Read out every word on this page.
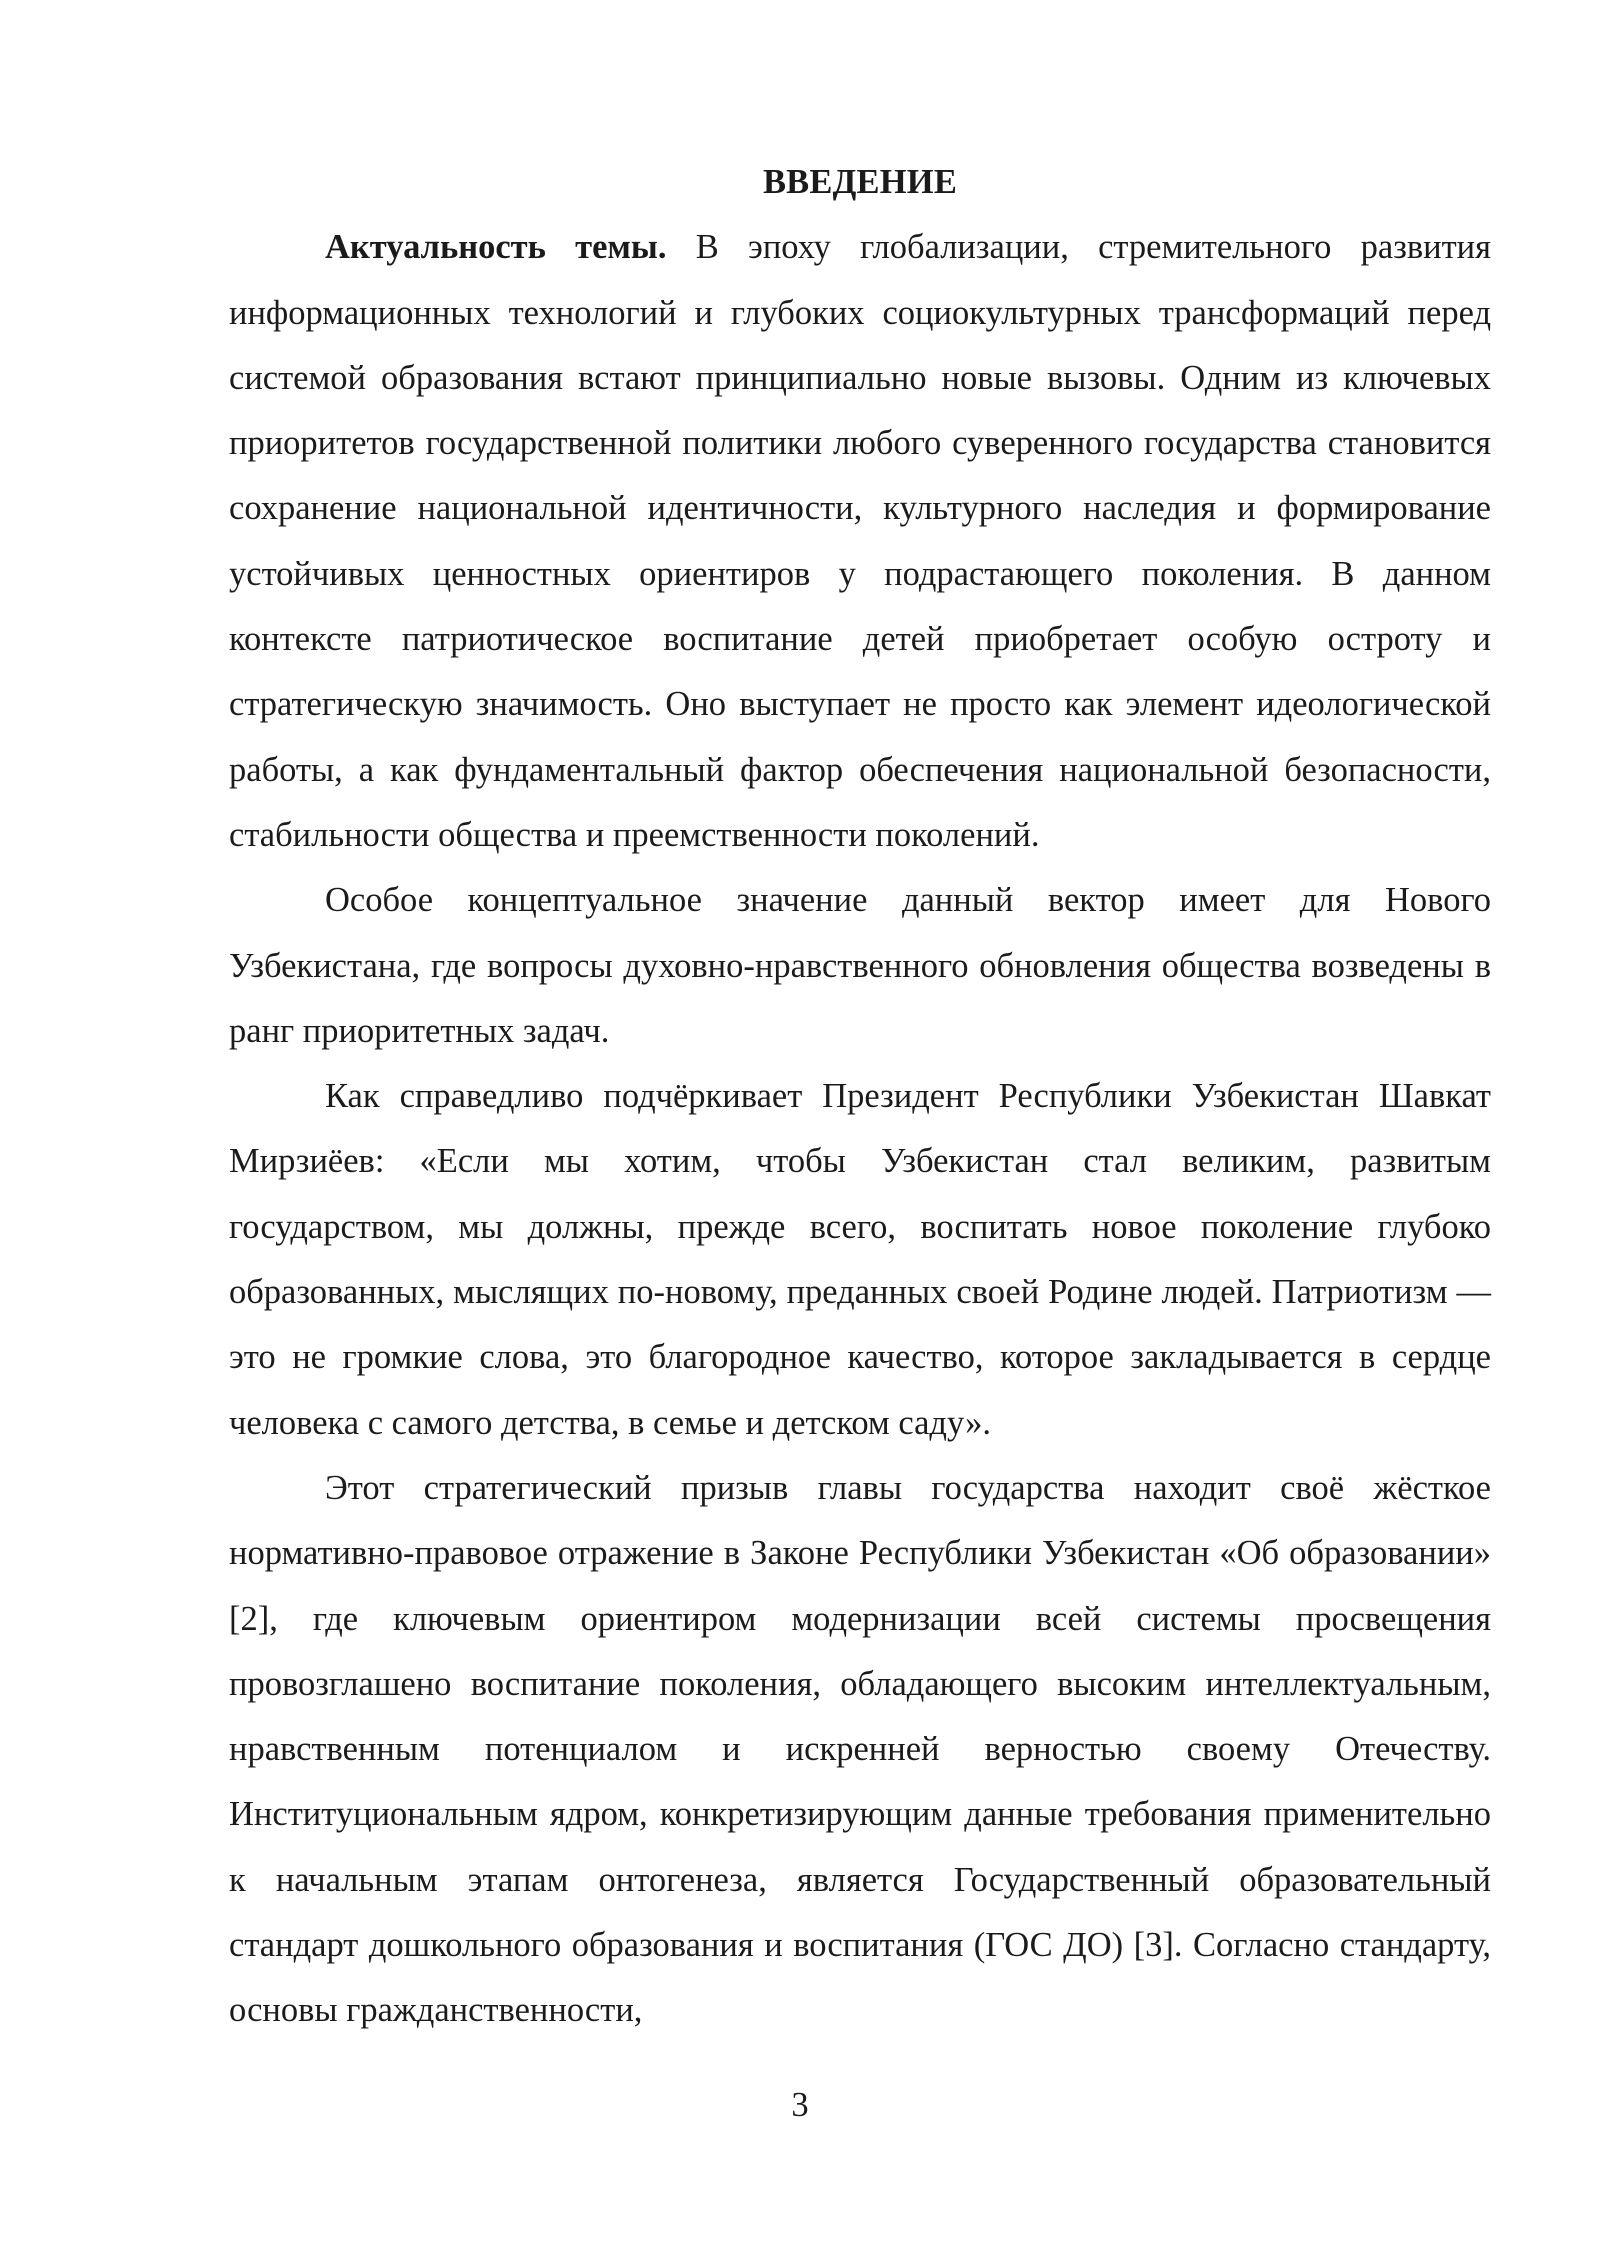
ВВЕДЕНИЕ

Актуальность темы. В эпоху глобализации, стремительного развития информационных технологий и глубоких социокультурных трансформаций перед системой образования встают принципиально новые вызовы. Одним из ключевых приоритетов государственной политики любого суверенного государства становится сохранение национальной идентичности, культурного наследия и формирование устойчивых ценностных ориентиров у подрастающего поколения. В данном контексте патриотическое воспитание детей приобретает особую остроту и стратегическую значимость. Оно выступает не просто как элемент идеологической работы, а как фундаментальный фактор обеспечения национальной безопасности, стабильности общества и преемственности поколений.

Особое концептуальное значение данный вектор имеет для Нового Узбекистана, где вопросы духовно-нравственного обновления общества возведены в ранг приоритетных задач.

Как справедливо подчёркивает Президент Республики Узбекистан Шавкат Мирзиёев: «Если мы хотим, чтобы Узбекистан стал великим, развитым государством, мы должны, прежде всего, воспитать новое поколение глубоко образованных, мыслящих по-новому, преданных своей Родине людей. Патриотизм — это не громкие слова, это благородное качество, которое закладывается в сердце человека с самого детства, в семье и детском саду».

Этот стратегический призыв главы государства находит своё жёсткое нормативно-правовое отражение в Законе Республики Узбекистан «Об образовании» [2], где ключевым ориентиром модернизации всей системы просвещения провозглашено воспитание поколения, обладающего высоким интеллектуальным, нравственным потенциалом и искренней верностью своему Отечеству. Институциональным ядром, конкретизирующим данные требования применительно к начальным этапам онтогенеза, является Государственный образовательный стандарт дошкольного образования и воспитания (ГОС ДО) [3]. Согласно стандарту, основы гражданственности,

3
